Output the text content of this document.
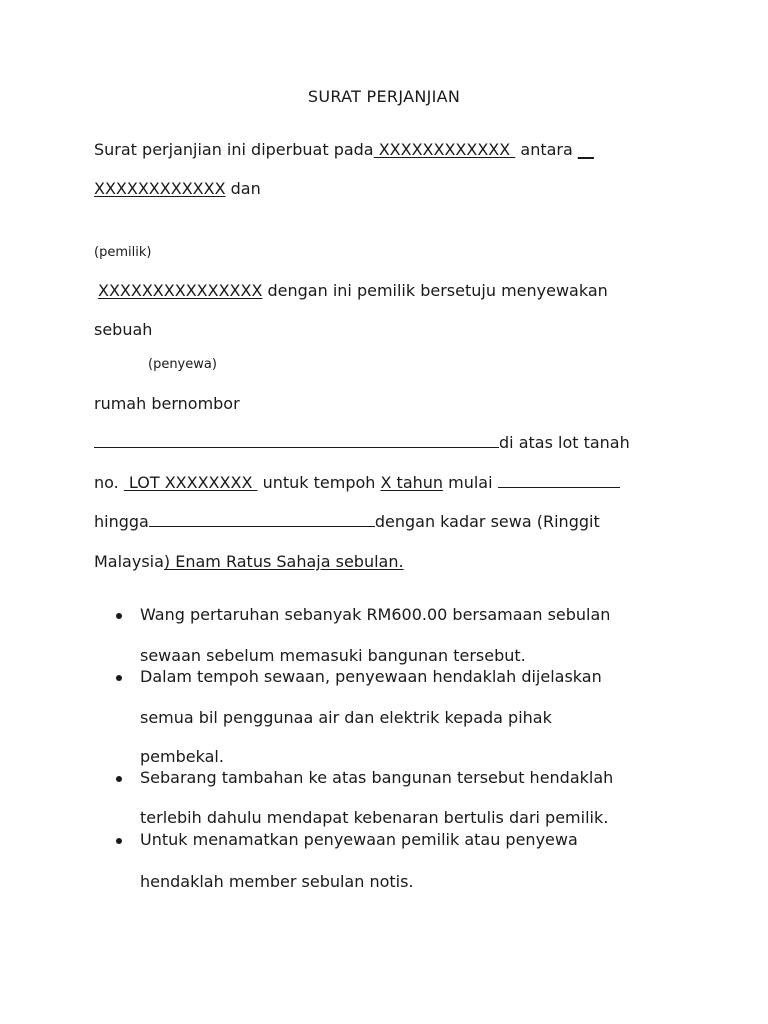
SURAT PERJANJIAN
Surat perjanjian ini diperbuat pada XXXXXXXXXXXX  antara __
XXXXXXXXXXXX dan
(pemilik)
XXXXXXXXXXXXXXX dengan ini pemilik bersetuju menyewakan
sebuah
(penyewa)
rumah bernombor
di atas lot tanah
no.  LOT XXXXXXXX  untuk tempoh X tahun mulai
hingga	dengan kadar sewa (Ringgit
Malaysia) Enam Ratus Sahaja sebulan.
Wang pertaruhan sebanyak RM600.00 bersamaan sebulan
sewaan sebelum memasuki bangunan tersebut.
Dalam tempoh sewaan, penyewaan hendaklah dijelaskan
semua bil penggunaa air dan elektrik kepada pihak
pembekal.
Sebarang tambahan ke atas bangunan tersebut hendaklah
terlebih dahulu mendapat kebenaran bertulis dari pemilik.
Untuk menamatkan penyewaan pemilik atau penyewa
hendaklah member sebulan notis.
